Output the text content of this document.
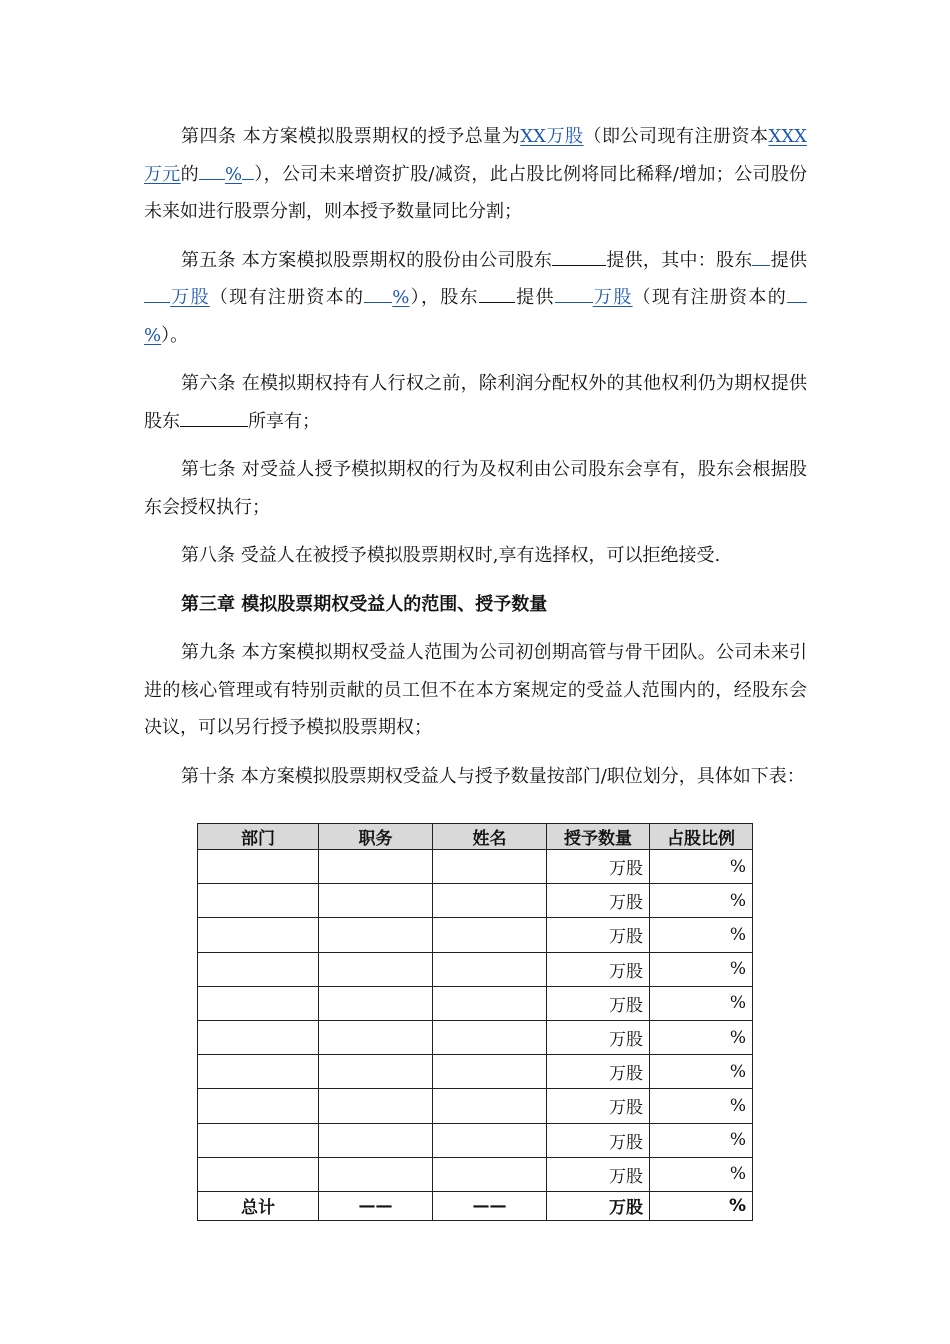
第四条 本方案模拟股票期权的授予总量为XX万股（即公司现有注册资本XXX万元的 % ），公司未来增资扩股/减资，此占股比例将同比稀释/增加；公司股份未来如进行股票分割，则本授予数量同比分割；

第五条 本方案模拟股票期权的股份由公司股东	提供，其中：股东 提供万股（现有注册资本的 %），股东 提供 万股（现有注册资本的%）。

第六条 在模拟期权持有人行权之前，除利润分配权外的其他权利仍为期权提供股东	所享有；

第七条 对受益人授予模拟期权的行为及权利由公司股东会享有，股东会根据股东会授权执行；

第八条 受益人在被授予模拟股票期权时,享有选择权，可以拒绝接受.

第三章 模拟股票期权受益人的范围、授予数量

第九条 本方案模拟期权受益人范围为公司初创期高管与骨干团队。公司未来引进的核心管理或有特别贡献的员工但不在本方案规定的受益人范围内的，经股东会决议，可以另行授予模拟股票期权；

第十条 本方案模拟股票期权受益人与授予数量按部门/职位划分，具体如下表：

部门	职务	姓名	授予数量	占股比例
			万股	%
			万股	%
			万股	%
			万股	%
			万股	%
			万股	%
			万股	%
			万股	%
			万股	%
			万股	%
总计	——	——	万股	%
